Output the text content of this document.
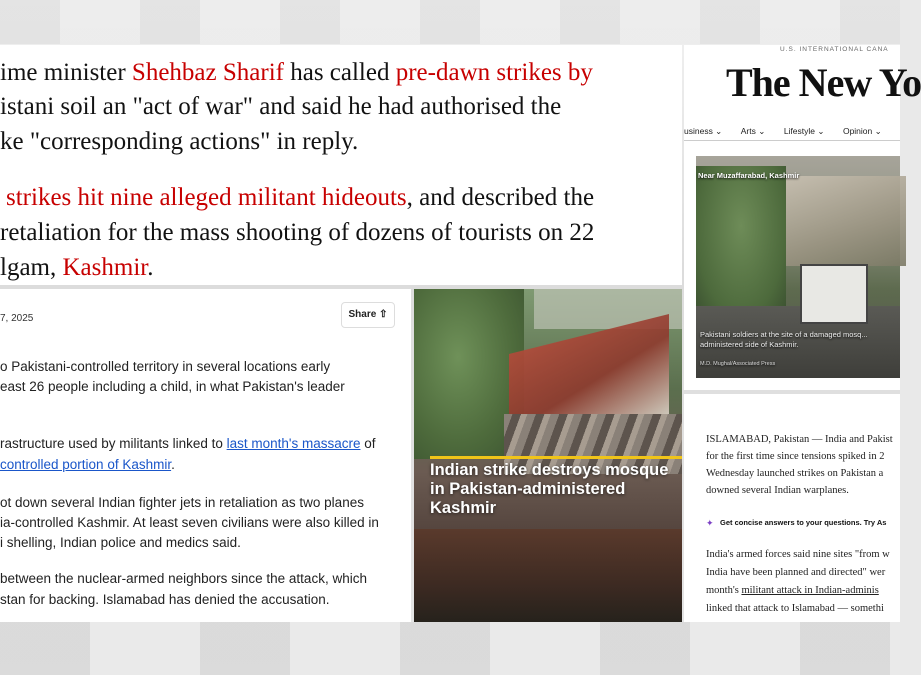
ime minister Shehbaz Sharif has called pre-dawn strikes by

istani soil an "act of war" and said he had authorised the

ke "corresponding actions" in reply.

strikes hit nine alleged militant hideouts, and described the

retaliation for the mass shooting of dozens of tourists on 22

lgam, Kashmir.

7, 2025	Share ⇧
o Pakistani-controlled territory in several locations early
east 26 people including a child, in what Pakistan's leader
rastructure used by militants linked to last month's massacre of
controlled portion of Kashmir.
ot down several Indian fighter jets in retaliation as two planes
ia-controlled Kashmir. At least seven civilians were also killed in
i shelling, Indian police and medics said.
between the nuclear-armed neighbors since the attack, which
stan for backing. Islamabad has denied the accusation.
Indian strike destroys mosque in Pakistan-administered Kashmir
U.S. INTERNATIONAL CANA
The New Yo
usiness ⌄ Arts ⌄ Lifestyle ⌄ Opinion ⌄
Near Muzaffarabad, Kashmir
Pakistani soldiers at the site of a damaged mosq... administered side of Kashmir.
M.D. Mughal/Associated Press
ISLAMABAD, Pakistan — India and Pakist
for the first time since tensions spiked in 2
Wednesday launched strikes on Pakistan a
downed several Indian warplanes.
✦ Get concise answers to your questions. Try As
India's armed forces said nine sites "from w
India have been planned and directed" wer
month's militant attack in Indian-adminis
linked that attack to Islamabad — somethi
